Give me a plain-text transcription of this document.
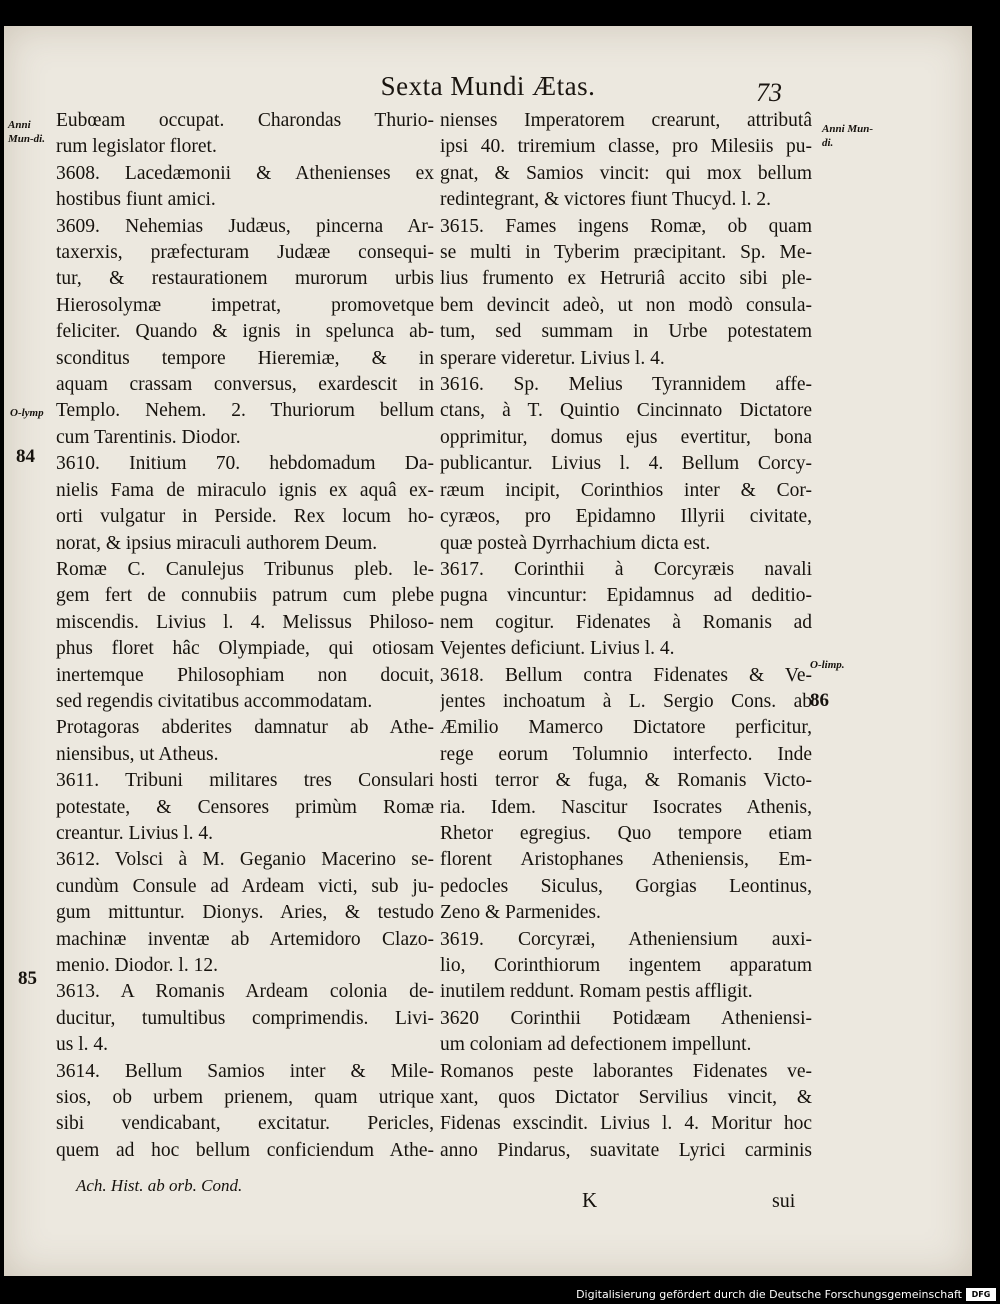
Sexta Mundi Ætas.	73
Eubœam occupat. Charondas Thurio-
rum legislator floret.
3608. Lacedæmonii & Athenienses ex
hostibus fiunt amici.
3609. Nehemias Judæus, pincerna Ar-
taxerxis, præfecturam Judææ consequi-
tur, & restaurationem murorum urbis
Hierosolymæ impetrat, promovetque
feliciter. Quando & ignis in spelunca ab-
sconditus tempore Hieremiæ, & in
aquam crassam conversus, exardescit in
Templo. Nehem. 2. Thuriorum bellum
cum Tarentinis. Diodor.
3610. Initium 70. hebdomadum Da-
nielis Fama de miraculo ignis ex aquâ ex-
orti vulgatur in Perside. Rex locum ho-
norat, & ipsius miraculi authorem Deum.
Romæ C. Canulejus Tribunus pleb. le-
gem fert de connubiis patrum cum plebe
miscendis. Livius l. 4. Melissus Philoso-
phus floret hâc Olympiade, qui otiosam
inertemque Philosophiam non docuit,
sed regendis civitatibus accommodatam.
Protagoras abderites damnatur ab Athe-
niensibus, ut Atheus.
3611. Tribuni militares tres Consulari
potestate, & Censores primùm Romæ
creantur. Livius l. 4.
3612. Volsci à M. Geganio Macerino se-
cundùm Consule ad Ardeam victi, sub ju-
gum mittuntur. Dionys. Aries, & testudo
machinæ inventæ ab Artemidoro Clazo-
menio. Diodor. l. 12.
3613. A Romanis Ardeam colonia de-
ducitur, tumultibus comprimendis. Livi-
us l. 4.
3614. Bellum Samios inter & Mile-
sios, ob urbem prienem, quam utrique
sibi vendicabant, excitatur. Pericles,
quem ad hoc bellum conficiendum Athe-
nienses Imperatorem crearunt, attributâ
ipsi 40. triremium classe, pro Milesiis pu-
gnat, & Samios vincit: qui mox bellum
redintegrant, & victores fiunt Thucyd. l. 2.
3615. Fames ingens Romæ, ob quam
se multi in Tyberim præcipitant. Sp. Me-
lius frumento ex Hetruriâ accito sibi ple-
bem devincit adeò, ut non modò consula-
tum, sed summam in Urbe potestatem
sperare videretur. Livius l. 4.
3616. Sp. Melius Tyrannidem affe-
ctans, à T. Quintio Cincinnato Dictatore
opprimitur, domus ejus evertitur, bona
publicantur. Livius l. 4. Bellum Corcy-
ræum incipit, Corinthios inter & Cor-
cyræos, pro Epidamno Illyrii civitate,
quæ posteà Dyrrhachium dicta est.
3617. Corinthii à Corcyræis navali
pugna vincuntur: Epidamnus ad deditio-
nem cogitur. Fidenates à Romanis ad
Vejentes deficiunt. Livius l. 4.
3618. Bellum contra Fidenates & Ve-
jentes inchoatum à L. Sergio Cons. ab
Æmilio Mamerco Dictatore perficitur,
rege eorum Tolumnio interfecto. Inde
hosti terror & fuga, & Romanis Victo-
ria. Idem. Nascitur Isocrates Athenis,
Rhetor egregius. Quo tempore etiam
florent Aristophanes Atheniensis, Em-
pedocles Siculus, Gorgias Leontinus,
Zeno & Parmenides.
3619. Corcyræi, Atheniensium auxi-
lio, Corinthiorum ingentem apparatum
inutilem reddunt. Romam pestis affligit.
3620 Corinthii Potidæam Atheniensi-
um coloniam ad defectionem impellunt.
Romanos peste laborantes Fidenates ve-
xant, quos Dictator Servilius vincit, &
Fidenas exscindit. Livius l. 4. Moritur hoc
anno Pindarus, suavitate Lyrici carminis
Anni Mun-di.
Anni Mun-di.
O-lymp
84
85
O-limp.
86
Ach. Hist. ab orb. Cond.
K	sui
Digitalisierung gefördert durch die Deutsche Forschungsgemeinschaft	DFG
